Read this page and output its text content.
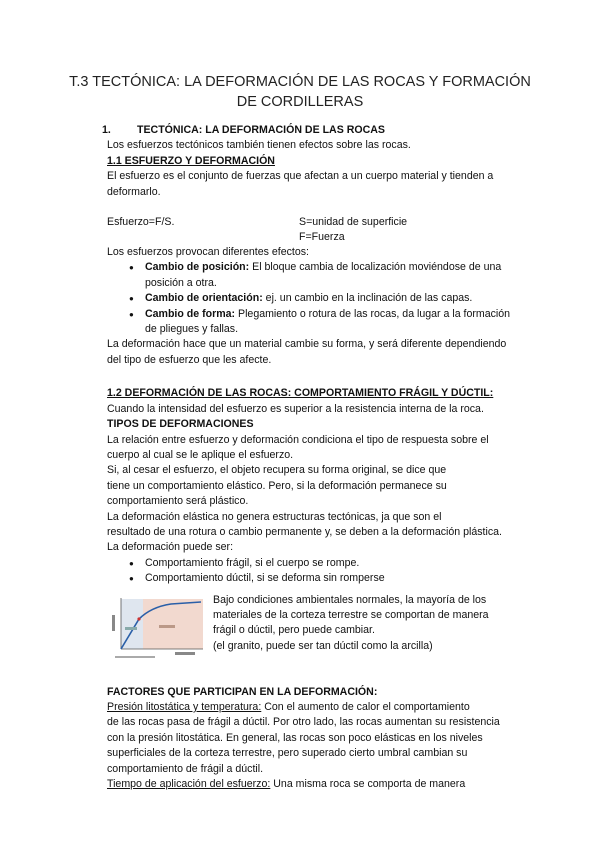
T.3 TECTÓNICA: LA DEFORMACIÓN DE LAS ROCAS Y FORMACIÓN
DE CORDILLERAS
1. TECTÓNICA: LA DEFORMACIÓN DE LAS ROCAS

Los esfuerzos tectónicos también tienen efectos sobre las rocas.

1.1 ESFUERZO Y DEFORMACIÓN

El esfuerzo es el conjunto de fuerzas que afectan a un cuerpo material y tienden a

deformarlo.

Esfuerzo=F/S.	S=unidad de superficie
F=Fuerza

Los esfuerzos provocan diferentes efectos:

● Cambio de posición: El bloque cambia de localización moviéndose de una
posición a otra.
● Cambio de orientación: ej. un cambio en la inclinación de las capas.
● Cambio de forma: Plegamiento o rotura de las rocas, da lugar a la formación
de pliegues y fallas.

La deformación hace que un material cambie su forma, y será diferente dependiendo

del tipo de esfuerzo que les afecte.

1.2 DEFORMACIÓN DE LAS ROCAS: COMPORTAMIENTO FRÁGIL Y DÚCTIL:

Cuando la intensidad del esfuerzo es superior a la resistencia interna de la roca.

TIPOS DE DEFORMACIONES

La relación entre esfuerzo y deformación condiciona el tipo de respuesta sobre el

cuerpo al cual se le aplique el esfuerzo.

Si, al cesar el esfuerzo, el objeto recupera su forma original, se dice que

tiene un comportamiento elástico. Pero, si la deformación permanece su

comportamiento será plástico.

La deformación elástica no genera estructuras tectónicas, ja que son el

resultado de una rotura o cambio permanente y, se deben a la deformación plástica.

La deformación puede ser:

● Comportamiento frágil, si el cuerpo se rompe.
● Comportamiento dúctil, si se deforma sin romperse

Bajo condiciones ambientales normales, la mayoría de los

materiales de la corteza terrestre se comportan de manera

frágil o dúctil, pero puede cambiar.

(el granito, puede ser tan dúctil como la arcilla)

FACTORES QUE PARTICIPAN EN LA DEFORMACIÓN:

Presión litostática y temperatura: Con el aumento de calor el comportamiento

de las rocas pasa de frágil a dúctil. Por otro lado, las rocas aumentan su resistencia

con la presión litostática. En general, las rocas son poco elásticas en los niveles

superficiales de la corteza terrestre, pero superado cierto umbral cambian su

comportamiento de frágil a dúctil.

Tiempo de aplicación del esfuerzo: Una misma roca se comporta de manera
